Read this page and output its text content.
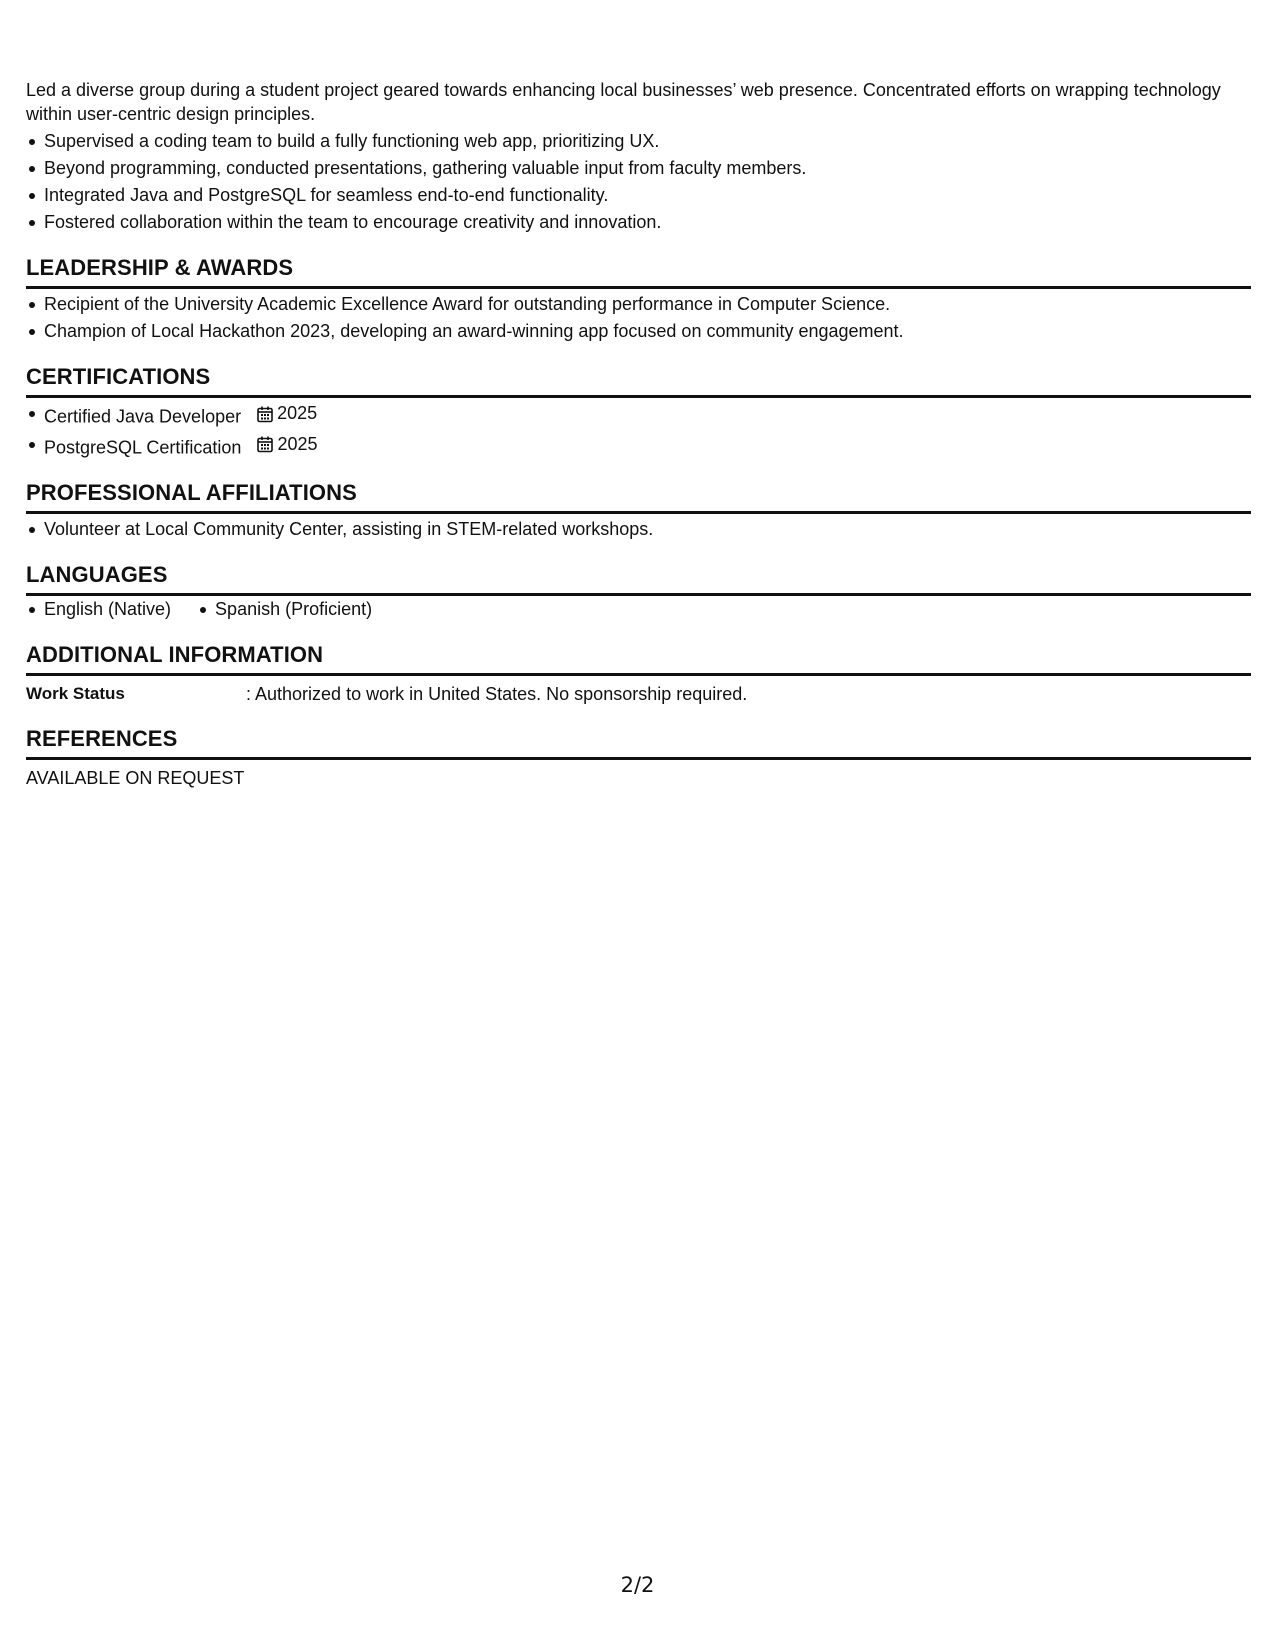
Led a diverse group during a student project geared towards enhancing local businesses’ web presence. Concentrated efforts on wrapping technology within user-centric design principles.

Supervised a coding team to build a fully functioning web app, prioritizing UX.
Beyond programming, conducted presentations, gathering valuable input from faculty members.
Integrated Java and PostgreSQL for seamless end-to-end functionality.
Fostered collaboration within the team to encourage creativity and innovation.
LEADERSHIP & AWARDS
Recipient of the University Academic Excellence Award for outstanding performance in Computer Science.
Champion of Local Hackathon 2023, developing an award-winning app focused on community engagement.
CERTIFICATIONS
Certified Java Developer 2025
PostgreSQL Certification 2025
PROFESSIONAL AFFILIATIONS
Volunteer at Local Community Center, assisting in STEM-related workshops.
LANGUAGES
English (Native) Spanish (Proficient)
ADDITIONAL INFORMATION
Work Status	: Authorized to work in United States. No sponsorship required.
REFERENCES
AVAILABLE ON REQUEST
2/2
